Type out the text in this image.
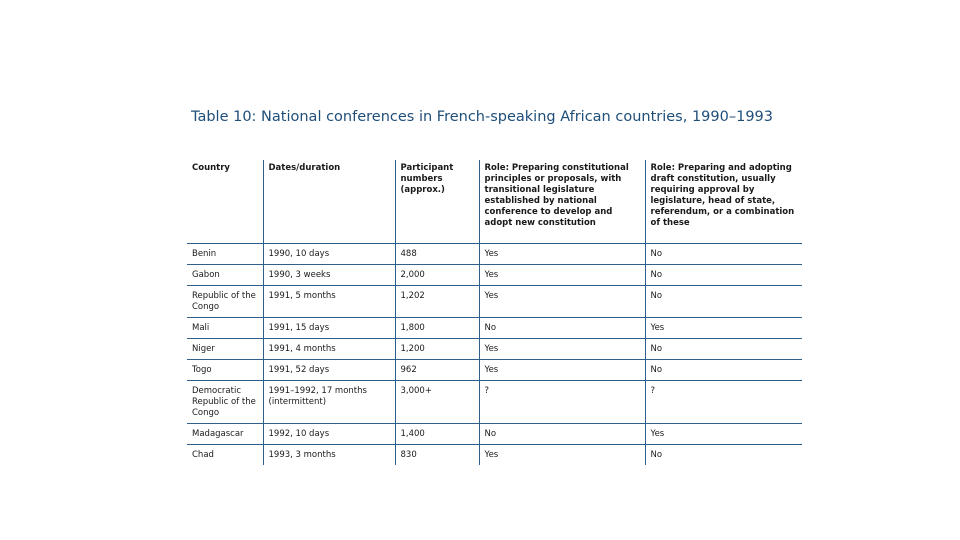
Table 10: National conferences in French-speaking African countries, 1990–1993
Country	Dates/duration	Participant numbers (approx.)	Role: Preparing constitutional principles or proposals, with transitional legislature established by national conference to develop and adopt new constitution	Role: Preparing and adopting draft constitution, usually requiring approval by legislature, head of state, referendum, or a combination of these
Benin	1990, 10 days	488	Yes	No
Gabon	1990, 3 weeks	2,000	Yes	No
Republic of the Congo	1991, 5 months	1,202	Yes	No
Mali	1991, 15 days	1,800	No	Yes
Niger	1991, 4 months	1,200	Yes	No
Togo	1991, 52 days	962	Yes	No
Democratic Republic of the Congo	1991–1992, 17 months (intermittent)	3,000+	?	?
Madagascar	1992, 10 days	1,400	No	Yes
Chad	1993, 3 months	830	Yes	No
